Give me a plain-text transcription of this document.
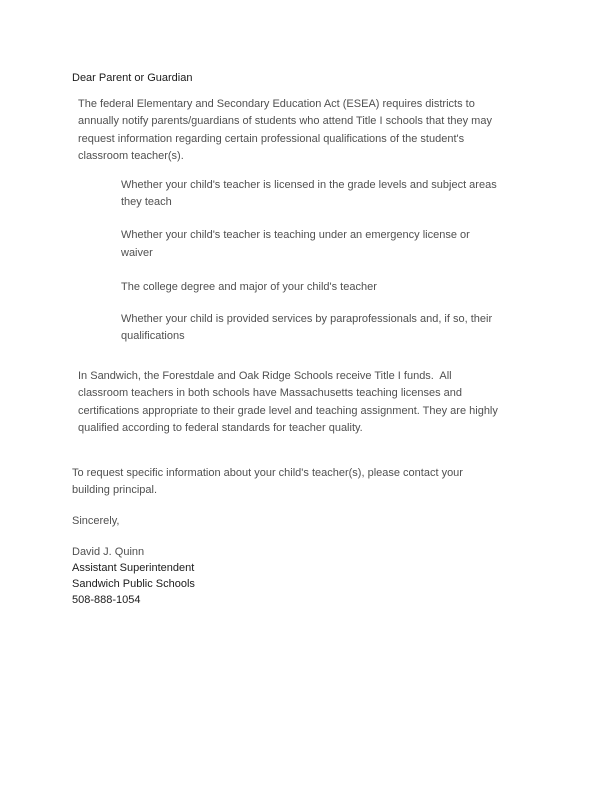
Dear Parent or Guardian
The federal Elementary and Secondary Education Act (ESEA) requires districts to
annually notify parents/guardians of students who attend Title I schools that they may
request information regarding certain professional qualifications of the student's
classroom teacher(s).
Whether your child's teacher is licensed in the grade levels and subject areas
they teach
Whether your child's teacher is teaching under an emergency license or
waiver
The college degree and major of your child's teacher
Whether your child is provided services by paraprofessionals and, if so, their
qualifications
In Sandwich, the Forestdale and Oak Ridge Schools receive Title I funds.  All
classroom teachers in both schools have Massachusetts teaching licenses and
certifications appropriate to their grade level and teaching assignment. They are highly
qualified according to federal standards for teacher quality.
To request specific information about your child's teacher(s), please contact your
building principal.
Sincerely,
David J. Quinn
Assistant Superintendent
Sandwich Public Schools
508-888-1054
